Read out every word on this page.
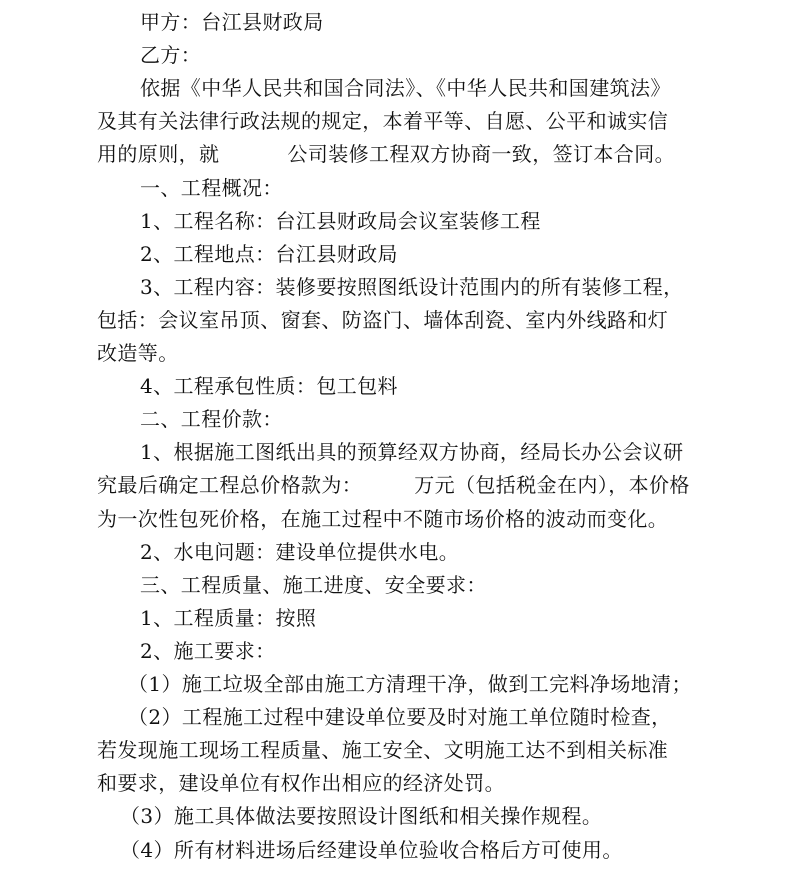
甲方：台江县财政局
乙方：
依据《中华人民共和国合同法》、《中华人民共和国建筑法》
及其有关法律行政法规的规定，本着平等、自愿、公平和诚实信
用的原则，就	公司装修工程双方协商一致，签订本合同。
一、工程概况：
1、工程名称：台江县财政局会议室装修工程
2、工程地点：台江县财政局
3、工程内容：装修要按照图纸设计范围内的所有装修工程，
包括：会议室吊顶、窗套、防盗门、墙体刮瓷、室内外线路和灯
改造等。
4、工程承包性质：包工包料
二、工程价款：
1、根据施工图纸出具的预算经双方协商，经局长办公会议研
究最后确定工程总价格款为：	万元（包括税金在内），本价格
为一次性包死价格，在施工过程中不随市场价格的波动而变化。
2、水电问题：建设单位提供水电。
三、工程质量、施工进度、安全要求：
1、工程质量：按照
2、施工要求：
（1）施工垃圾全部由施工方清理干净，做到工完料净场地清；
（2）工程施工过程中建设单位要及时对施工单位随时检查，
若发现施工现场工程质量、施工安全、文明施工达不到相关标准
和要求，建设单位有权作出相应的经济处罚。
（3）施工具体做法要按照设计图纸和相关操作规程。
（4）所有材料进场后经建设单位验收合格后方可使用。
